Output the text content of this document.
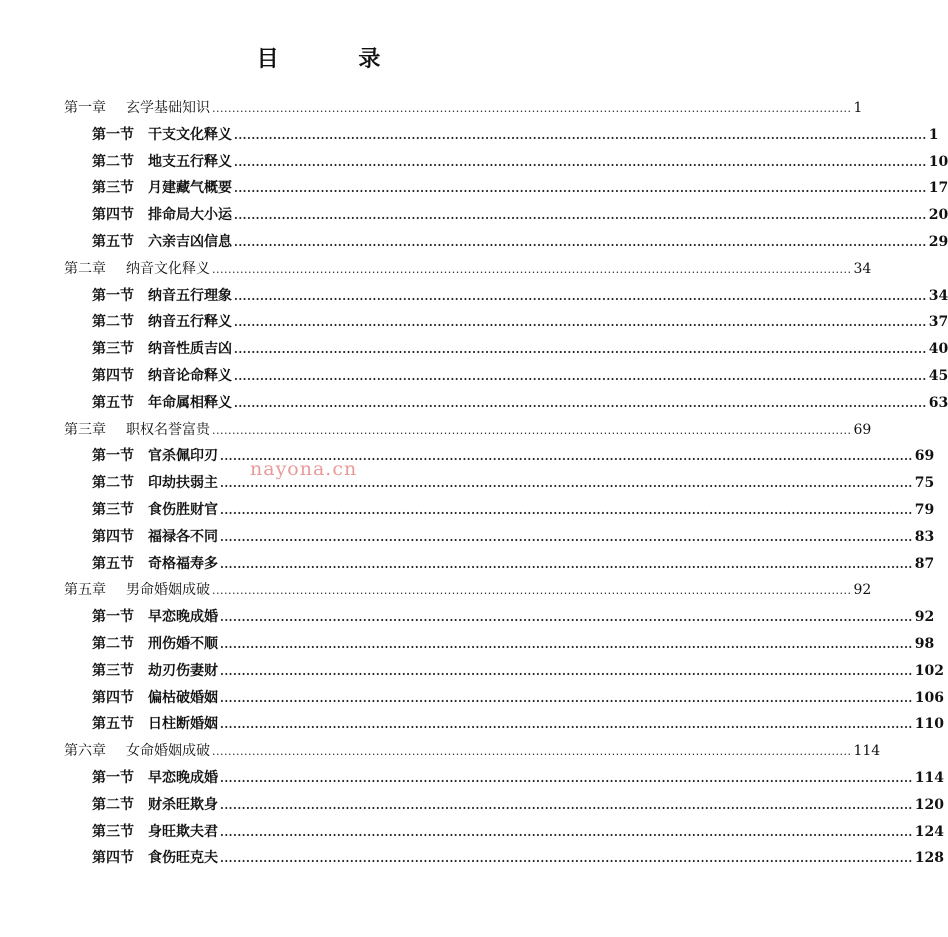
目 录
第一章 玄学基础知识 ................................................................................................................................................................ 1
第一节 干支文化释义 ................................................................................................................................................................ 1
第二节 地支五行释义 ................................................................................................................................................................ 10
第三节 月建藏气概要 ................................................................................................................................................................ 17
第四节 排命局大小运 ................................................................................................................................................................ 20
第五节 六亲吉凶信息 ................................................................................................................................................................ 29
第二章 纳音文化释义 ................................................................................................................................................................ 34
第一节 纳音五行理象 ................................................................................................................................................................ 34
第二节 纳音五行释义 ................................................................................................................................................................ 37
第三节 纳音性质吉凶 ................................................................................................................................................................ 40
第四节 纳音论命释义 ................................................................................................................................................................ 45
第五节 年命属相释义 ................................................................................................................................................................ 63
第三章 职权名誉富贵 ................................................................................................................................................................ 69
第一节 官杀佩印刃 ................................................................................................................................................................ 69
第二节 印劫扶弱主 ................................................................................................................................................................ 75
第三节 食伤胜财官 ................................................................................................................................................................ 79
第四节 福禄各不同 ................................................................................................................................................................ 83
第五节 奇格福寿多 ................................................................................................................................................................ 87
第五章 男命婚姻成破 ................................................................................................................................................................ 92
第一节 早恋晚成婚 ................................................................................................................................................................ 92
第二节 刑伤婚不顺 ................................................................................................................................................................ 98
第三节 劫刃伤妻财 ................................................................................................................................................................ 102
第四节 偏枯破婚姻 ................................................................................................................................................................ 106
第五节 日柱断婚姻 ................................................................................................................................................................ 110
第六章 女命婚姻成破 ................................................................................................................................................................ 114
第一节 早恋晚成婚 ................................................................................................................................................................ 114
第二节 财杀旺欺身 ................................................................................................................................................................ 120
第三节 身旺欺夫君 ................................................................................................................................................................ 124
第四节 食伤旺克夫 ................................................................................................................................................................ 128
nayona.cn
